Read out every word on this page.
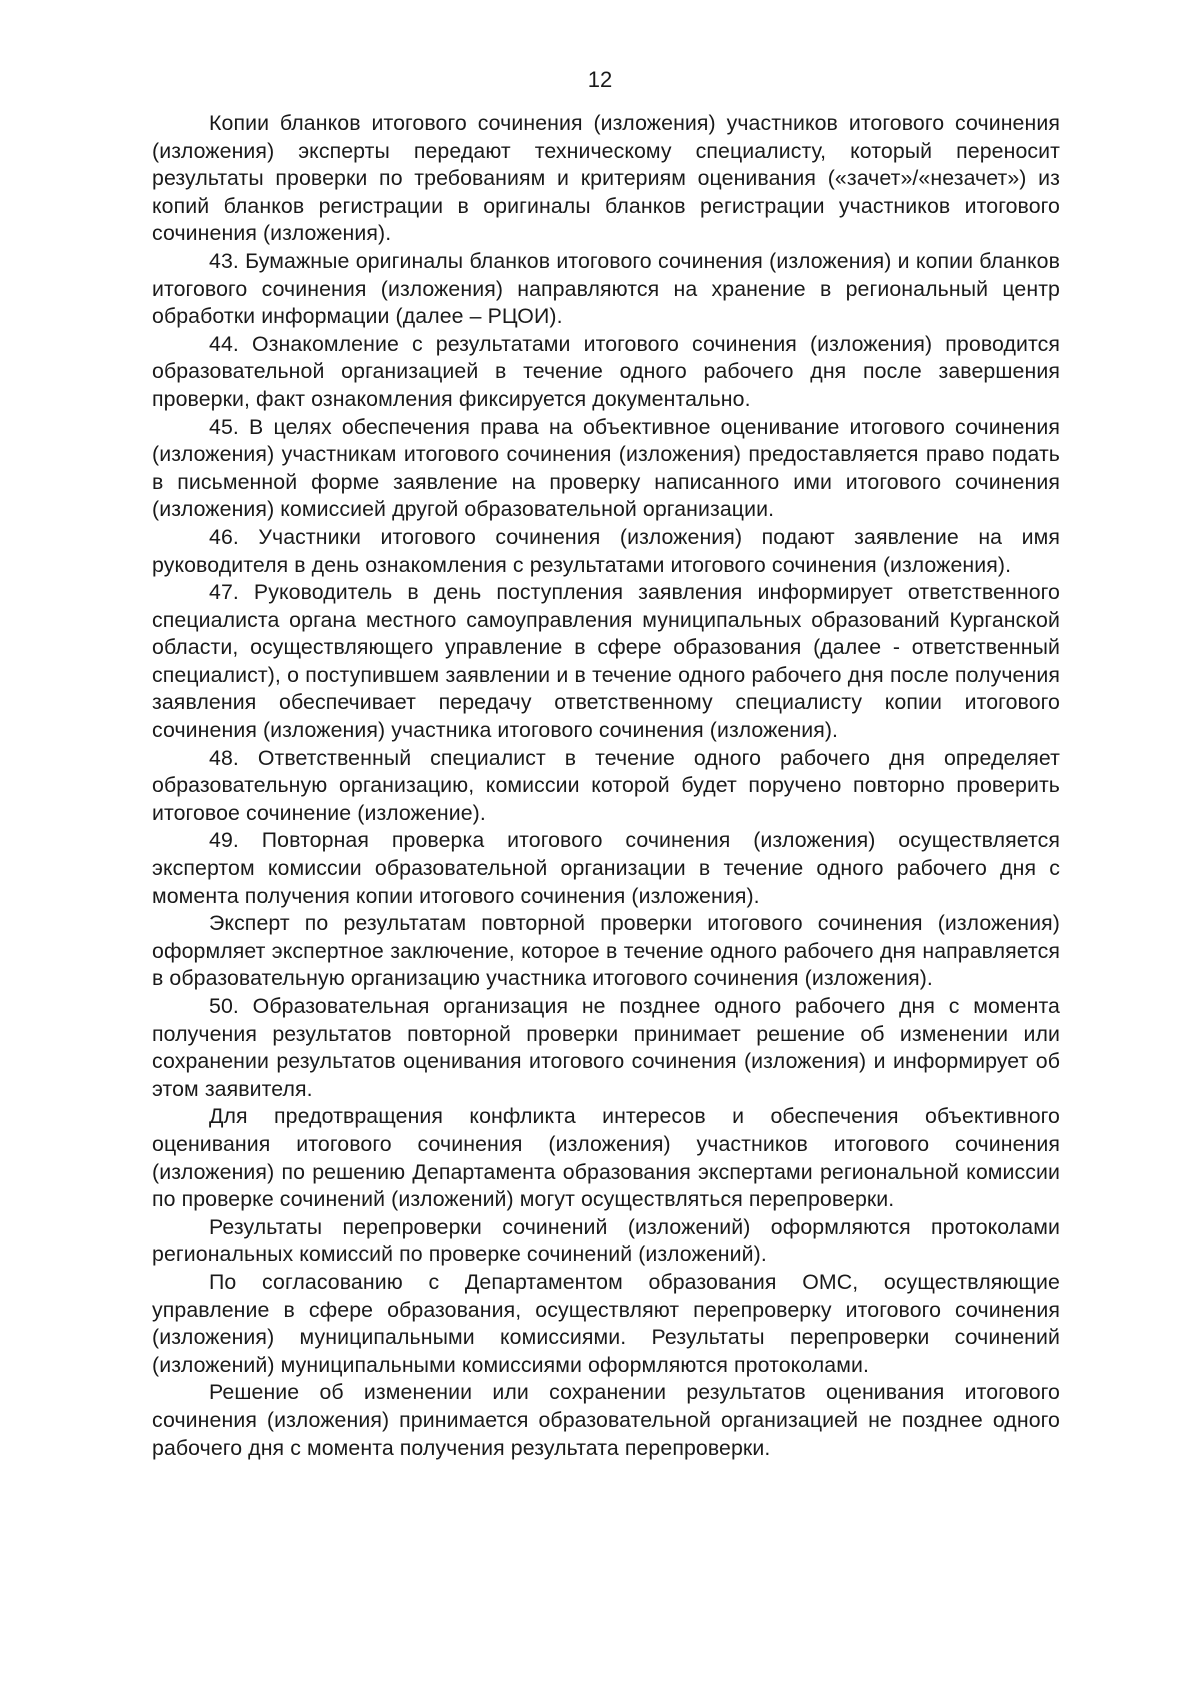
12

Копии бланков итогового сочинения (изложения) участников итогового сочинения (изложения) эксперты передают техническому специалисту, который переносит результаты проверки по требованиям и критериям оценивания («зачет»/«незачет») из копий бланков регистрации в оригиналы бланков регистрации участников итогового сочинения (изложения).

43. Бумажные оригиналы бланков итогового сочинения (изложения) и копии бланков итогового сочинения (изложения) направляются на хранение в региональный центр обработки информации (далее – РЦОИ).

44. Ознакомление с результатами итогового сочинения (изложения) проводится образовательной организацией в течение одного рабочего дня после завершения проверки, факт ознакомления фиксируется документально.

45. В целях обеспечения права на объективное оценивание итогового сочинения (изложения) участникам итогового сочинения (изложения) предоставляется право подать в письменной форме заявление на проверку написанного ими итогового сочинения (изложения) комиссией другой образовательной организации.

46. Участники итогового сочинения (изложения) подают заявление на имя руководителя в день ознакомления с результатами итогового сочинения (изложения).

47. Руководитель в день поступления заявления информирует ответственного специалиста органа местного самоуправления муниципальных образований Курганской области, осуществляющего управление в сфере образования (далее - ответственный специалист), о поступившем заявлении и в течение одного рабочего дня после получения заявления обеспечивает передачу ответственному специалисту копии итогового сочинения (изложения) участника итогового сочинения (изложения).

48. Ответственный специалист в течение одного рабочего дня определяет образовательную организацию, комиссии которой будет поручено повторно проверить итоговое сочинение (изложение).

49. Повторная проверка итогового сочинения (изложения) осуществляется экспертом комиссии образовательной организации в течение одного рабочего дня с момента получения копии итогового сочинения (изложения).

Эксперт по результатам повторной проверки итогового сочинения (изложения) оформляет экспертное заключение, которое в течение одного рабочего дня направляется в образовательную организацию участника итогового сочинения (изложения).

50. Образовательная организация не позднее одного рабочего дня с момента получения результатов повторной проверки принимает решение об изменении или сохранении результатов оценивания итогового сочинения (изложения) и информирует об этом заявителя.

Для предотвращения конфликта интересов и обеспечения объективного оценивания итогового сочинения (изложения) участников итогового сочинения (изложения) по решению Департамента образования экспертами региональной комиссии по проверке сочинений (изложений) могут осуществляться перепроверки.

Результаты перепроверки сочинений (изложений) оформляются протоколами региональных комиссий по проверке сочинений (изложений).

По согласованию с Департаментом образования ОМС, осуществляющие управление в сфере образования, осуществляют перепроверку итогового сочинения (изложения) муниципальными комиссиями. Результаты перепроверки сочинений (изложений) муниципальными комиссиями оформляются протоколами.

Решение об изменении или сохранении результатов оценивания итогового сочинения (изложения) принимается образовательной организацией не позднее одного рабочего дня с момента получения результата перепроверки.
